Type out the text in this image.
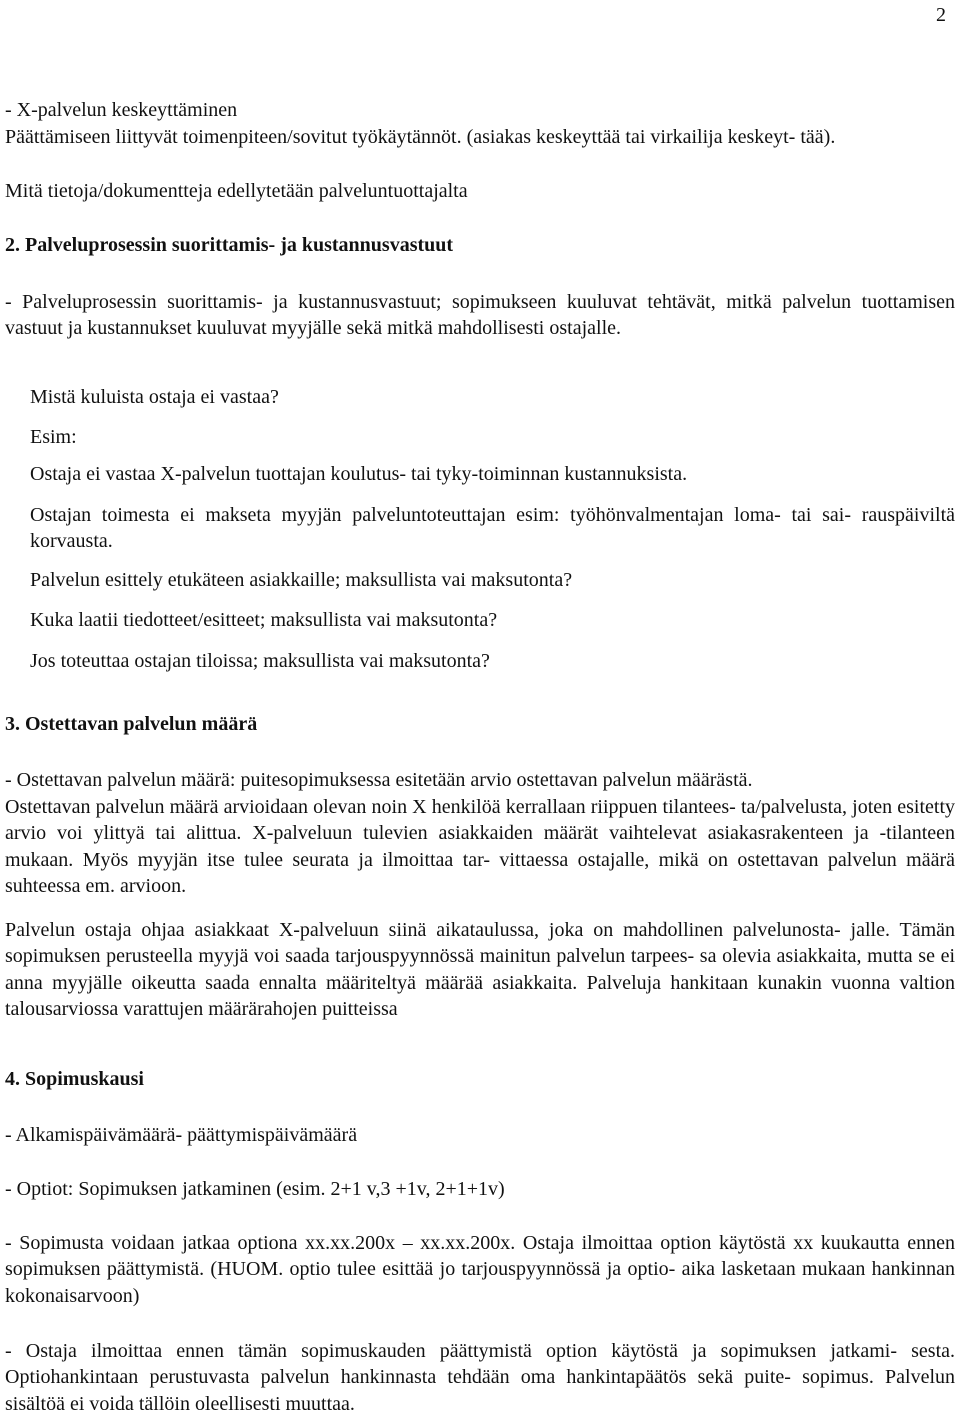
2

- X-palvelun keskeyttäminen

Päättämiseen liittyvät toimenpiteen/sovitut työkäytännöt. (asiakas keskeyttää tai virkailija keskeyt- tää).

Mitä tietoja/dokumentteja edellytetään palveluntuottajalta

2. Palveluprosessin suorittamis- ja kustannusvastuut

- Palveluprosessin suorittamis- ja kustannusvastuut; sopimukseen kuuluvat tehtävät, mitkä palvelun tuottamisen vastuut ja kustannukset kuuluvat myyjälle sekä mitkä mahdollisesti ostajalle.

Mistä kuluista ostaja ei vastaa?

Esim:

Ostaja ei vastaa X-palvelun tuottajan koulutus- tai tyky-toiminnan kustannuksista.

Ostajan toimesta ei makseta myyjän palveluntoteuttajan esim: työhönvalmentajan loma- tai sai- rauspäiviltä korvausta.

Palvelun esittely etukäteen asiakkaille; maksullista vai maksutonta?

Kuka laatii tiedotteet/esitteet; maksullista vai maksutonta?

Jos toteuttaa ostajan tiloissa; maksullista vai maksutonta?

3. Ostettavan palvelun määrä

- Ostettavan palvelun määrä: puitesopimuksessa esitetään arvio ostettavan palvelun määrästä.

Ostettavan palvelun määrä arvioidaan olevan noin X henkilöä kerrallaan riippuen tilantees- ta/palvelusta, joten esitetty arvio voi ylittyä tai alittua. X-palveluun tulevien asiakkaiden määrät vaihtelevat asiakasrakenteen ja -tilanteen mukaan. Myös myyjän itse tulee seurata ja ilmoittaa tar- vittaessa ostajalle, mikä on ostettavan palvelun määrä suhteessa em. arvioon.

Palvelun ostaja ohjaa asiakkaat X-palveluun siinä aikataulussa, joka on mahdollinen palvelunosta- jalle. Tämän sopimuksen perusteella myyjä voi saada tarjouspyynnössä mainitun palvelun tarpees- sa olevia asiakkaita, mutta se ei anna myyjälle oikeutta saada ennalta määriteltyä määrää asiakkaita. Palveluja hankitaan kunakin vuonna valtion talousarviossa varattujen määrärahojen puitteissa

4. Sopimuskausi

- Alkamispäivämäärä- päättymispäivämäärä

- Optiot: Sopimuksen jatkaminen (esim. 2+1 v,3 +1v, 2+1+1v)

- Sopimusta voidaan jatkaa optiona xx.xx.200x – xx.xx.200x. Ostaja ilmoittaa option käytöstä xx kuukautta ennen sopimuksen päättymistä. (HUOM. optio tulee esittää jo tarjouspyynnössä ja optio- aika lasketaan mukaan hankinnan kokonaisarvoon)

- Ostaja ilmoittaa ennen tämän sopimuskauden päättymistä option käytöstä ja sopimuksen jatkami- sesta. Optiohankintaan perustuvasta palvelun hankinnasta tehdään oma hankintapäätös sekä puite- sopimus. Palvelun sisältöä ei voida tällöin oleellisesti muuttaa.
